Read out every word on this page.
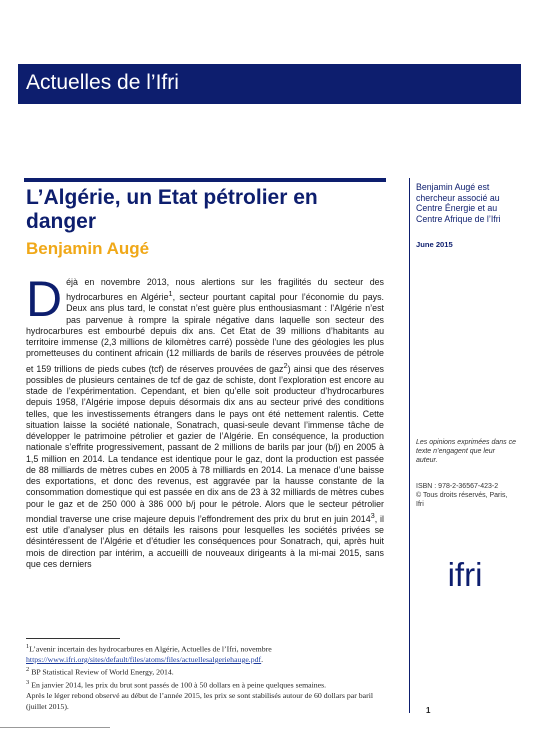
Actuelles de l’Ifri
L’Algérie, un Etat pétrolier en danger
Benjamin Augé

Déjà en novembre 2013, nous alertions sur les fragilités du secteur des hydrocarbures en Algérie$^1$, secteur pourtant capital pour l’économie du pays. Deux ans plus tard, le constat n’est guère plus enthousiasmant : l’Algérie n’est pas parvenue à rompre la spirale négative dans laquelle son secteur des hydrocarbures est embourbé depuis dix ans. Cet Etat de 39 millions d’habitants au territoire immense (2,3 millions de kilomètres carré) possède l’une des géologies les plus prometteuses du continent africain (12 milliards de barils de réserves prouvées de pétrole et 159 trillions de pieds cubes (tcf) de réserves prouvées de gaz$^2$) ainsi que des réserves possibles de plusieurs centaines de tcf de gaz de schiste, dont l’exploration est encore au stade de l’expérimentation. Cependant, et bien qu’elle soit producteur d’hydrocarbures depuis 1958, l’Algérie impose depuis désormais dix ans au secteur privé des conditions telles, que les investissements étrangers dans le pays ont été nettement ralentis. Cette situation laisse la société nationale, Sonatrach, quasi-seule devant l’immense tâche de développer le patrimoine pétrolier et gazier de l’Algérie. En conséquence, la production nationale s’effrite progressivement, passant de 2 millions de barils par jour (b/j) en 2005 à 1,5 million en 2014. La tendance est identique pour le gaz, dont la production est passée de 88 milliards de mètres cubes en 2005 à 78 milliards en 2014. La menace d’une baisse des exportations, et donc des revenus, est aggravée par la hausse constante de la consommation domestique qui est passée en dix ans de 23 à 32 milliards de mètres cubes pour le gaz et de 250 000 à 386 000 b/j pour le pétrole. Alors que le secteur pétrolier mondial traverse une crise majeure depuis l’effondrement des prix du brut en juin 2014$^3$, il est utile d’analyser plus en détails les raisons pour lesquelles les sociétés privées se désintéressent de l’Algérie et d’étudier les conséquences pour Sonatrach, qui, après huit mois de direction par intérim, a accueilli de nouveaux dirigeants à la mi-mai 2015, sans que ces derniers

Benjamin Augé est chercheur associé au Centre Énergie et au Centre Afrique de l’Ifri

June 2015

Les opinions exprimées dans ce texte n’engagent que leur auteur.

ISBN : 978-2-36567-423-2

© Tous droits réservés, Paris, Ifri

ifri

$^1$L’avenir incertain des hydrocarbures en Algérie, Actuelles de l’Ifri, novembre https://www.ifri.org/sites/default/files/atoms/files/actuellesalgeriehauge.pdf.

$^2$ BP Statistical Review of World Energy, 2014.

$^3$ En janvier 2014, les prix du brut sont passés de 100 à 50 dollars en à peine quelques semaines.

Après le léger rebond observé au début de l’année 2015, les prix se sont stabilisés autour de 60 dollars par baril (juillet 2015).	1
